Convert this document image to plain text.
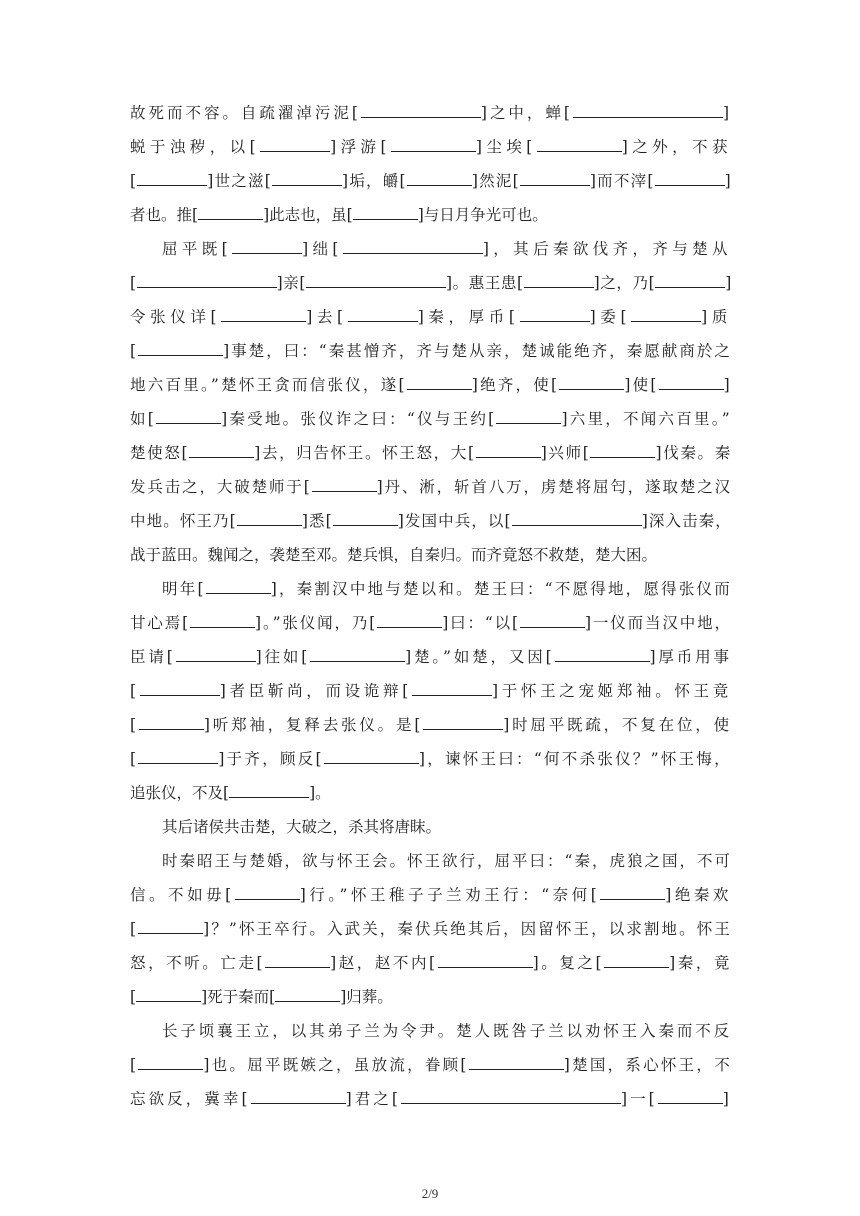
故死而不容。自疏濯淖污泥[	]之中，蝉[	]
蜕于浊秽，以[	]浮游[	]尘埃[	]之外，不获
[	]世之滋[	]垢，皭[	]然泥[	]而不滓[	]
者也。推[	]此志也，虽[	]与日月争光可也。
屈平既[	]绌[	]，其后秦欲伐齐，齐与楚从
[	]亲[	]。惠王患[	]之，乃[	]
令张仪详[	]去[	]秦，厚币[	]委[	]质
[	]事楚，曰：“秦甚憎齐，齐与楚从亲，楚诚能绝齐，秦愿献商於之
地六百里。”楚怀王贪而信张仪，遂[	]绝齐，使[	]使[	]
如[	]秦受地。张仪诈之曰：“仪与王约[	]六里，不闻六百里。”
楚使怒[	]去，归告怀王。怀王怒，大[	]兴师[	]伐秦。秦
发兵击之，大破楚师于[	]丹、淅，斩首八万，虏楚将屈匄，遂取楚之汉
中地。怀王乃[	]悉[	]发国中兵，以[	]深入击秦，
战于蓝田。魏闻之，袭楚至邓。楚兵惧，自秦归。而齐竟怒不救楚，楚大困。
明年[	]，秦割汉中地与楚以和。楚王曰：“不愿得地，愿得张仪而
甘心焉[	]。”张仪闻，乃[	]曰：“以[	]一仪而当汉中地，
臣请[	]往如[	]楚。”如楚，又因[	]厚币用事
[	]者臣靳尚，而设诡辩[	]于怀王之宠姬郑袖。怀王竟
[	]听郑袖，复释去张仪。是[	]时屈平既疏，不复在位，使
[	]于齐，顾反[	]，谏怀王曰：“何不杀张仪？”怀王悔，
追张仪，不及[	]。
其后诸侯共击楚，大破之，杀其将唐眜。
时秦昭王与楚婚，欲与怀王会。怀王欲行，屈平曰：“秦，虎狼之国，不可
信。不如毋[	]行。”怀王稚子子兰劝王行：“奈何[	]绝秦欢
[	]？”怀王卒行。入武关，秦伏兵绝其后，因留怀王，以求割地。怀王
怒，不听。亡走[	]赵，赵不内[	]。复之[	]秦，竟
[	]死于秦而[	]归葬。
长子顷襄王立，以其弟子兰为令尹。楚人既咎子兰以劝怀王入秦而不反
[	]也。屈平既嫉之，虽放流，眷顾[	]楚国，系心怀王，不
忘欲反，冀幸[	]君之[	]一[	]
2/9
